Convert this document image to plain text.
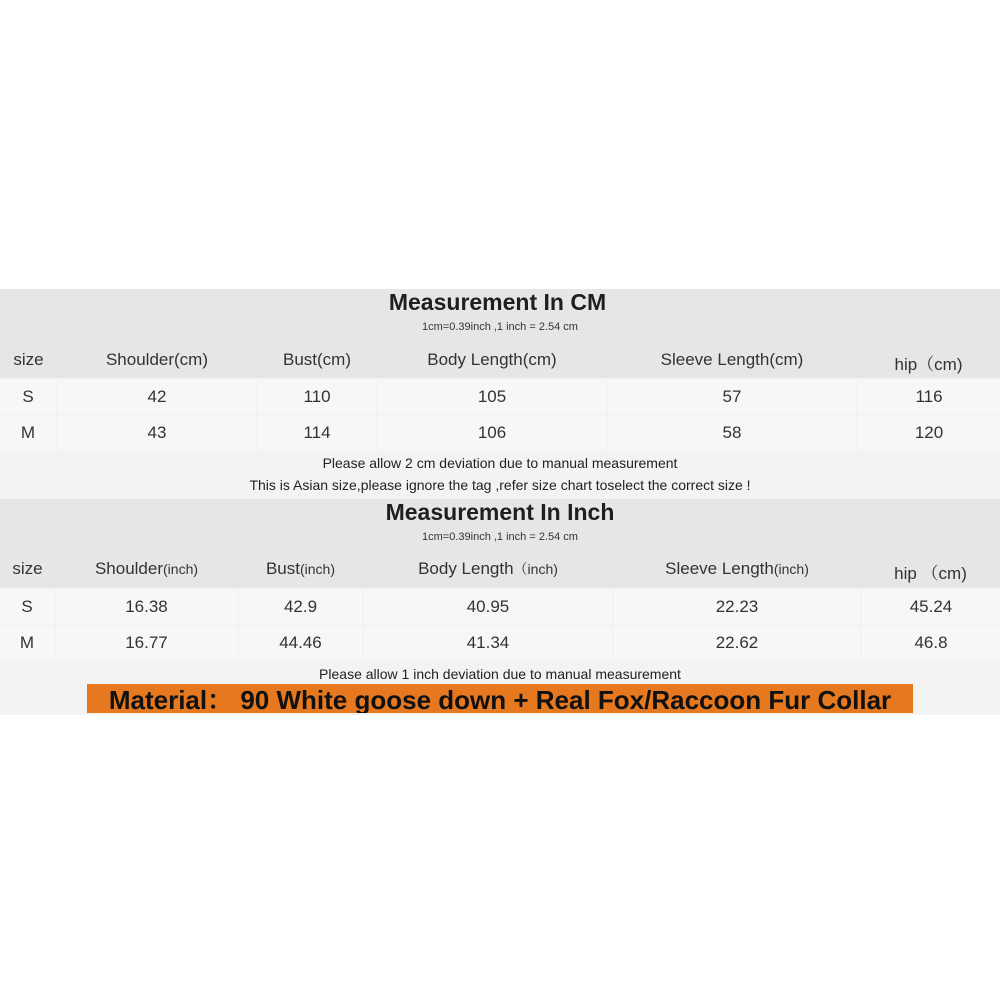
Measurement In CM
1cm=0.39inch ,1 inch = 2.54 cm
size	Shoulder(cm)	Bust(cm)	Body Length(cm)	Sleeve Length(cm)	hip（cm)
S	42	110	105	57	116
M	43	114	106	58	120
Please allow 2 cm deviation due to manual measurement
This is Asian size,please ignore the tag ,refer size chart toselect the correct size !
Measurement In Inch
1cm=0.39inch ,1 inch = 2.54 cm
size	Shoulder(inch)	Bust(inch)	Body Length（inch)	Sleeve Length(inch)	hip （cm)
S	16.38	42.9	40.95	22.23	45.24
M	16.77	44.46	41.34	22.62	46.8
Please allow 1 inch deviation due to manual measurement
Material： 90 White goose down + Real Fox/Raccoon Fur Collar
